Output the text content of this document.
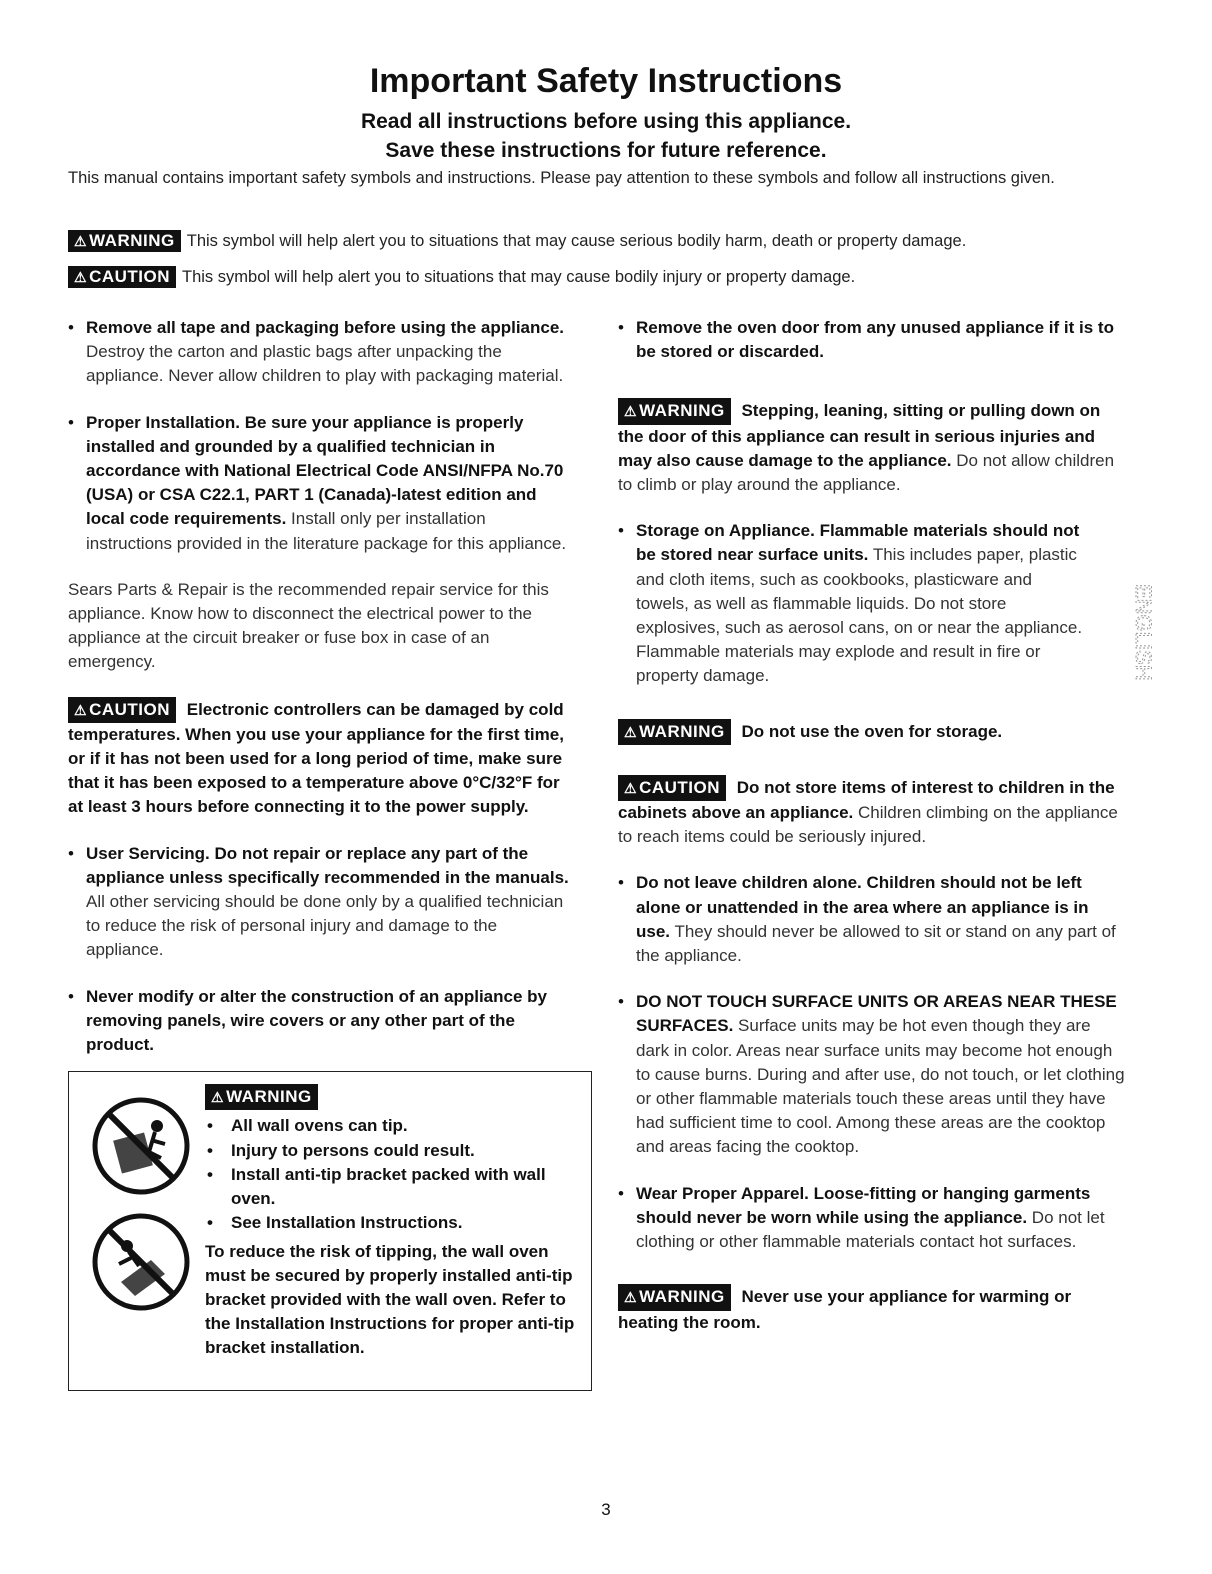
Important Safety Instructions
Read all instructions before using this appliance.
Save these instructions for future reference.

This manual contains important safety symbols and instructions. Please pay attention to these symbols and follow all instructions given.

⚠ WARNING This symbol will help alert you to situations that may cause serious bodily harm, death or property damage.
⚠ CAUTION This symbol will help alert you to situations that may cause bodily injury or property damage.

• Remove all tape and packaging before using the appliance. Destroy the carton and plastic bags after unpacking the appliance. Never allow children to play with packaging material.

• Proper Installation. Be sure your appliance is properly installed and grounded by a qualified technician in accordance with National Electrical Code ANSI/NFPA No.70 (USA) or CSA C22.1, PART 1 (Canada)-latest edition and local code requirements. Install only per installation instructions provided in the literature package for this appliance.

Sears Parts & Repair is the recommended repair service for this appliance. Know how to disconnect the electrical power to the appliance at the circuit breaker or fuse box in case of an emergency.

⚠ CAUTION Electronic controllers can be damaged by cold temperatures. When you use your appliance for the first time, or if it has not been used for a long period of time, make sure that it has been exposed to a temperature above 0°C/32°F for at least 3 hours before connecting it to the power supply.

• User Servicing. Do not repair or replace any part of the appliance unless specifically recommended in the manuals. All other servicing should be done only by a qualified technician to reduce the risk of personal injury and damage to the appliance.

• Never modify or alter the construction of an appliance by removing panels, wire covers or any other part of the product.

⚠ WARNING
• All wall ovens can tip.
• Injury to persons could result.
• Install anti-tip bracket packed with wall oven.
• See Installation Instructions.
To reduce the risk of tipping, the wall oven must be secured by properly installed anti-tip bracket provided with the wall oven. Refer to the Installation Instructions for proper anti-tip bracket installation.

• Remove the oven door from any unused appliance if it is to be stored or discarded.

⚠ WARNING Stepping, leaning, sitting or pulling down on the door of this appliance can result in serious injuries and may also cause damage to the appliance. Do not allow children to climb or play around the appliance.

• Storage on Appliance. Flammable materials should not be stored near surface units. This includes paper, plastic and cloth items, such as cookbooks, plasticware and towels, as well as flammable liquids. Do not store explosives, such as aerosol cans, on or near the appliance. Flammable materials may explode and result in fire or property damage.

⚠ WARNING Do not use the oven for storage.

⚠ CAUTION Do not store items of interest to children in the cabinets above an appliance. Children climbing on the appliance to reach items could be seriously injured.

• Do not leave children alone. Children should not be left alone or unattended in the area where an appliance is in use. They should never be allowed to sit or stand on any part of the appliance.

• DO NOT TOUCH SURFACE UNITS OR AREAS NEAR THESE SURFACES. Surface units may be hot even though they are dark in color. Areas near surface units may become hot enough to cause burns. During and after use, do not touch, or let clothing or other flammable materials touch these areas until they have had sufficient time to cool. Among these areas are the cooktop and areas facing the cooktop.

• Wear Proper Apparel. Loose-fitting or hanging garments should never be worn while using the appliance. Do not let clothing or other flammable materials contact hot surfaces.

⚠ WARNING Never use your appliance for warming or heating the room.

ENGLISH
3
